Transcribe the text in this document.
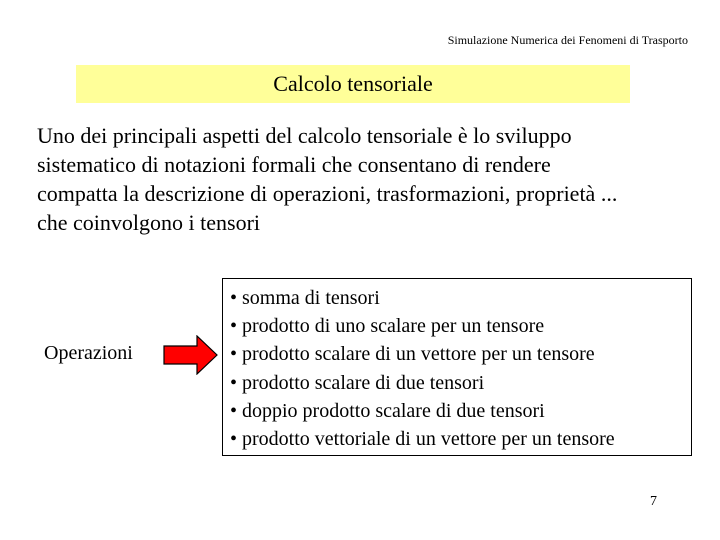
Simulazione Numerica dei Fenomeni di Trasporto
Calcolo tensoriale
Uno dei principali aspetti del calcolo tensoriale è lo sviluppo
sistematico di notazioni formali che consentano di rendere
compatta la descrizione di operazioni, trasformazioni, proprietà ...
che coinvolgono i tensori
Operazioni
• somma di tensori
• prodotto di uno scalare per un tensore
• prodotto scalare di un vettore per un tensore
• prodotto scalare di due tensori
• doppio prodotto scalare di due tensori
• prodotto vettoriale di un vettore per un tensore
7
